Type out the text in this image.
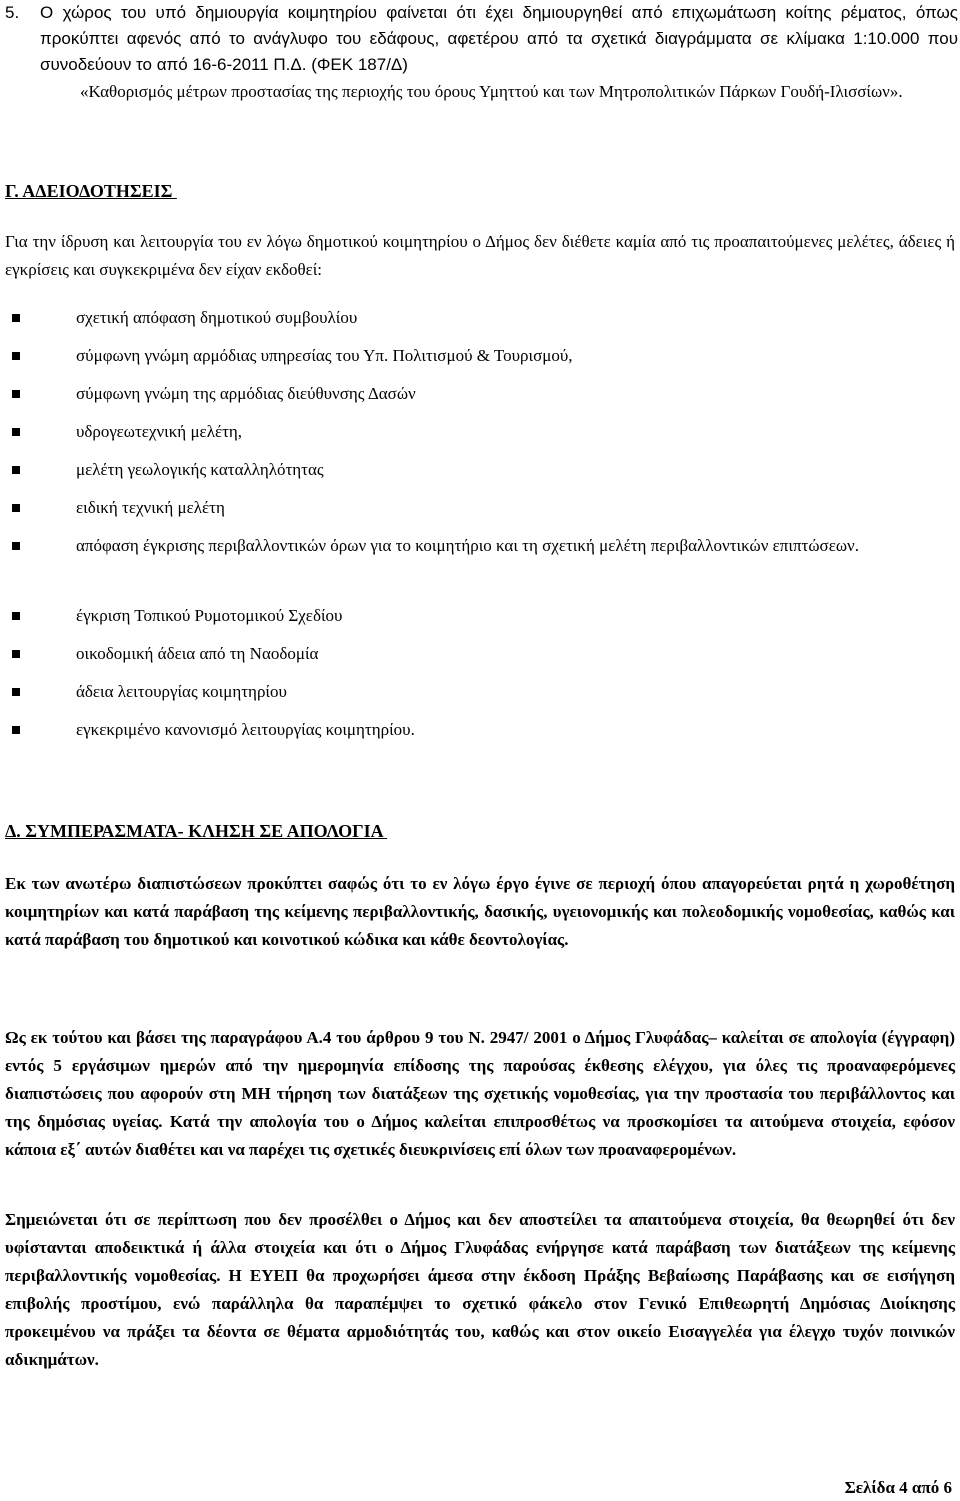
5. Ο χώρος του υπό δημιουργία κοιμητηρίου φαίνεται ότι έχει δημιουργηθεί από επιχωμάτωση κοίτης ρέματος, όπως προκύπτει αφενός από το ανάγλυφο του εδάφους, αφετέρου από τα σχετικά διαγράμματα σε κλίμακα 1:10.000 που συνοδεύουν το από 16-6-2011 Π.Δ. (ΦΕΚ 187/Δ)
«Καθορισμός μέτρων προστασίας της περιοχής του όρους Υμηττού και των Μητροπολιτικών Πάρκων Γουδή-Ιλισσίων».
Γ. ΑΔΕΙΟΔΟΤΗΣΕΙΣ
Για την ίδρυση και λειτουργία του εν λόγω δημοτικού κοιμητηρίου ο Δήμος δεν διέθετε καμία από τις προαπαιτούμενες μελέτες, άδειες ή εγκρίσεις και συγκεκριμένα δεν είχαν εκδοθεί:
σχετική απόφαση δημοτικού συμβουλίου
σύμφωνη γνώμη αρμόδιας υπηρεσίας του Υπ. Πολιτισμού & Τουρισμού,
σύμφωνη γνώμη της αρμόδιας διεύθυνσης Δασών
υδρογεωτεχνική μελέτη,
μελέτη γεωλογικής καταλληλότητας
ειδική τεχνική μελέτη
απόφαση έγκρισης περιβαλλοντικών όρων για το κοιμητήριο και τη σχετική μελέτη περιβαλλοντικών επιπτώσεων.
έγκριση Τοπικού Ρυμοτομικού Σχεδίου
οικοδομική άδεια από τη Ναοδομία
άδεια λειτουργίας κοιμητηρίου
εγκεκριμένο κανονισμό λειτουργίας κοιμητηρίου.
Δ. ΣΥΜΠΕΡΑΣΜΑΤΑ- ΚΛΗΣΗ ΣΕ ΑΠΟΛΟΓΙΑ
Εκ των ανωτέρω διαπιστώσεων προκύπτει σαφώς ότι το εν λόγω έργο έγινε σε περιοχή όπου απαγορεύεται ρητά η χωροθέτηση κοιμητηρίων και κατά παράβαση της κείμενης περιβαλλοντικής, δασικής, υγειονομικής και πολεοδομικής νομοθεσίας, καθώς και κατά παράβαση του δημοτικού και κοινοτικού κώδικα και κάθε δεοντολογίας.
Ως εκ τούτου και βάσει της παραγράφου Α.4 του άρθρου 9 του Ν. 2947/ 2001 ο Δήμος Γλυφάδας– καλείται σε απολογία (έγγραφη) εντός 5 εργάσιμων ημερών από την ημερομηνία επίδοσης της παρούσας έκθεσης ελέγχου, για όλες τις προαναφερόμενες διαπιστώσεις που αφορούν στη ΜΗ τήρηση των διατάξεων της σχετικής νομοθεσίας, για την προστασία του περιβάλλοντος και της δημόσιας υγείας. Κατά την απολογία του ο Δήμος καλείται επιπροσθέτως να προσκομίσει τα αιτούμενα στοιχεία, εφόσον κάποια εξ΄ αυτών διαθέτει και να παρέχει τις σχετικές διευκρινίσεις επί όλων των προαναφερομένων.
Σημειώνεται ότι σε περίπτωση που δεν προσέλθει ο Δήμος και δεν αποστείλει τα απαιτούμενα στοιχεία, θα θεωρηθεί ότι δεν υφίστανται αποδεικτικά ή άλλα στοιχεία και ότι ο Δήμος Γλυφάδας ενήργησε κατά παράβαση των διατάξεων της κείμενης περιβαλλοντικής νομοθεσίας. Η ΕΥΕΠ θα προχωρήσει άμεσα στην έκδοση Πράξης Βεβαίωσης Παράβασης και σε εισήγηση επιβολής προστίμου, ενώ παράλληλα θα παραπέμψει το σχετικό φάκελο στον Γενικό Επιθεωρητή Δημόσιας Διοίκησης προκειμένου να πράξει τα δέοντα σε θέματα αρμοδιότητάς του, καθώς και στον οικείο Εισαγγελέα για έλεγχο τυχόν ποινικών αδικημάτων.
Σελίδα 4 από 6
